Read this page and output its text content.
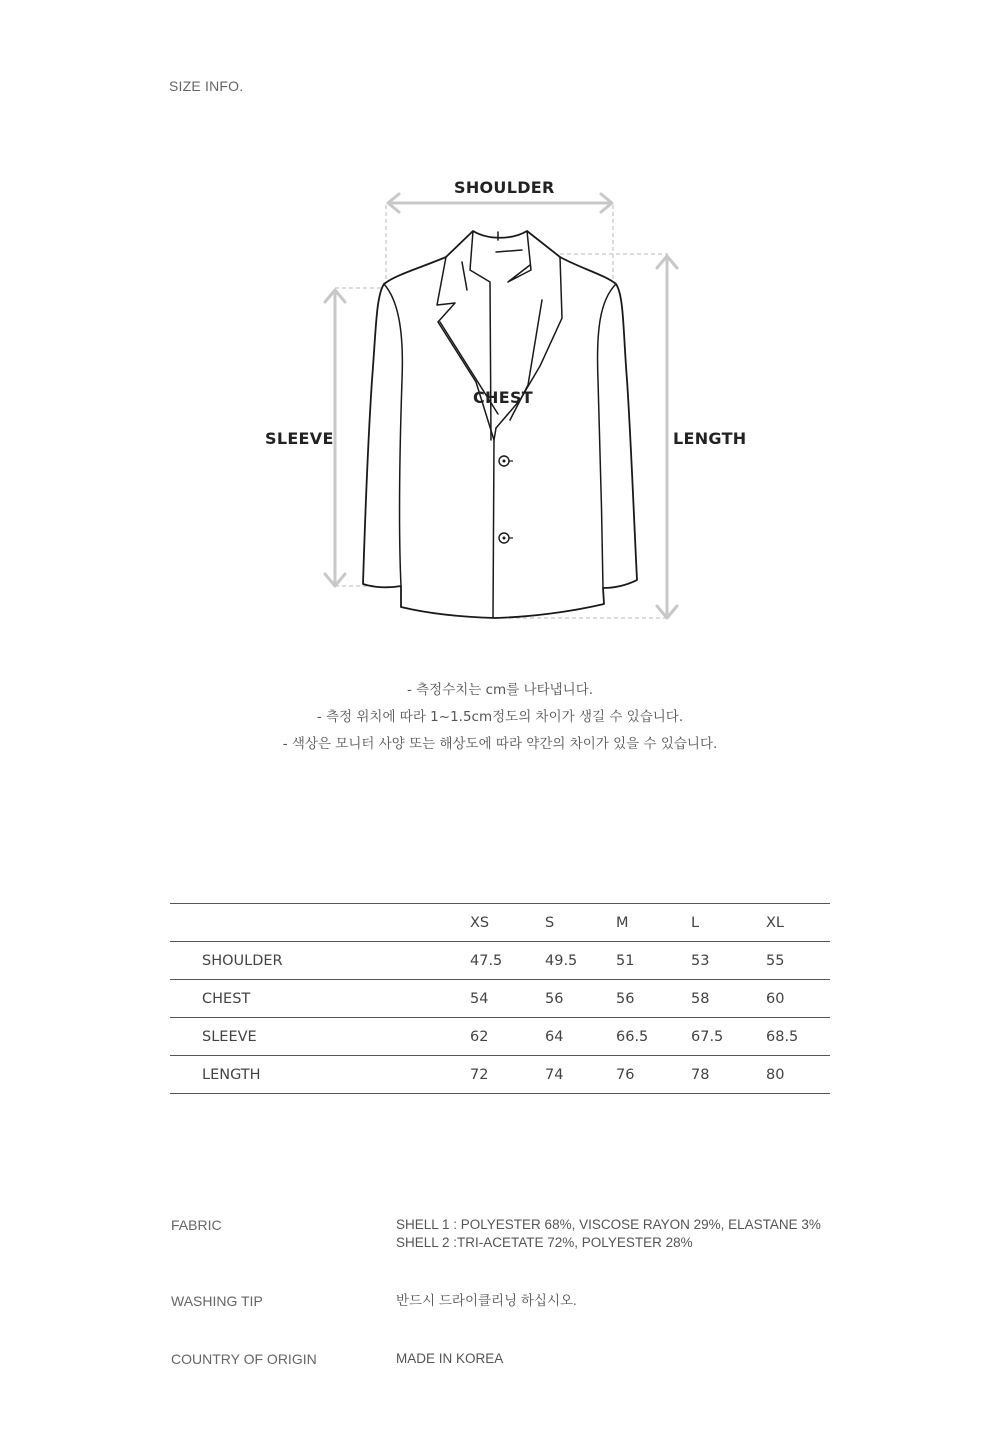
SIZE INFO.
SHOULDER
CHEST
SLEEVE	LENGTH
- 측정수치는 cm를 나타냅니다.
- 측정 위치에 따라 1~1.5cm정도의 차이가 생길 수 있습니다.
- 색상은 모니터 사양 또는 해상도에 따라 약간의 차이가 있을 수 있습니다.
	XS	S	M	L	XL
SHOULDER	47.5	49.5	51	53	55
CHEST	54	56	56	58	60
SLEEVE	62	64	66.5	67.5	68.5
LENGTH	72	74	76	78	80
FABRIC	SHELL 1 : POLYESTER 68%, VISCOSE RAYON 29%, ELASTANE 3%
SHELL 2 :TRI-ACETATE 72%, POLYESTER 28%
WASHING TIP	반드시 드라이클리닝 하십시오.
COUNTRY OF ORIGIN	MADE IN KOREA
